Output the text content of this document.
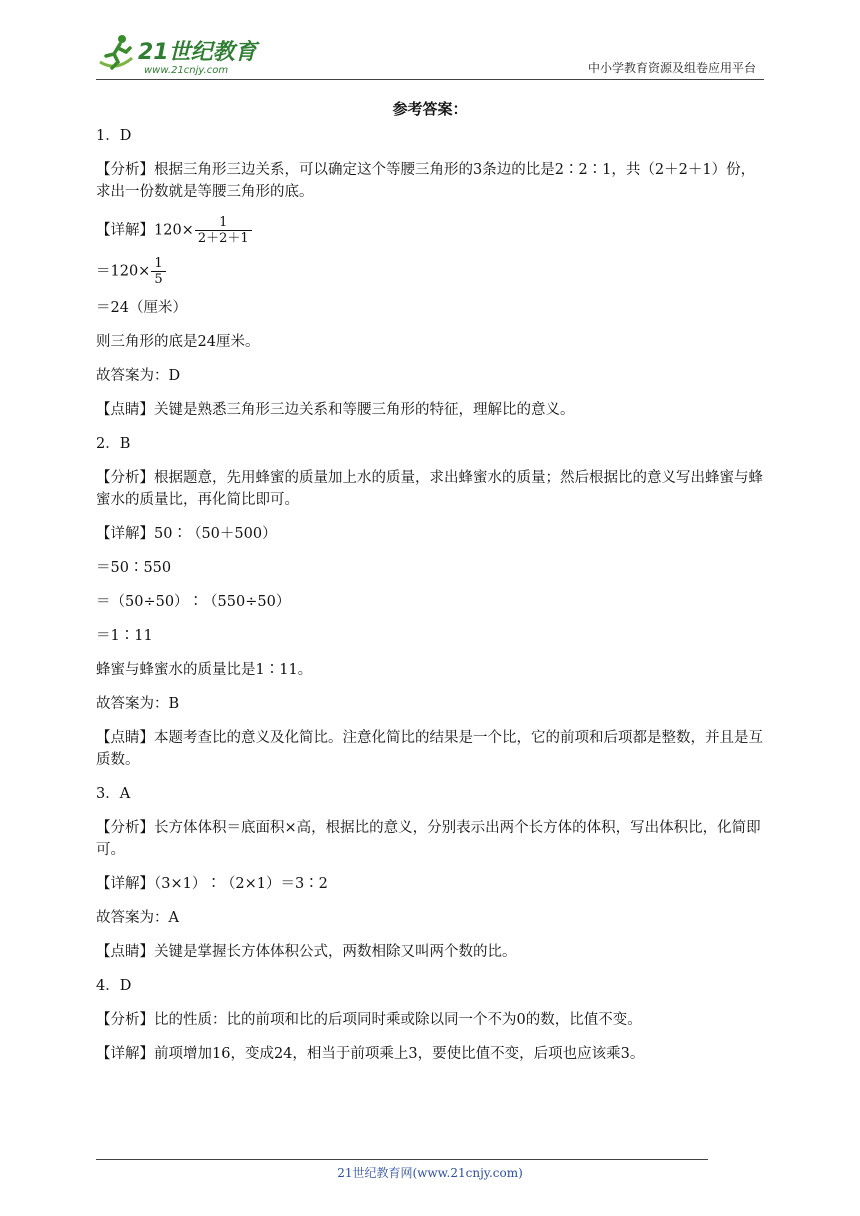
21世纪教育
www.21cnjy.com	中小学教育资源及组卷应用平台
参考答案：
1．D
【分析】根据三角形三边关系，可以确定这个等腰三角形的3条边的比是2∶2∶1，共（2＋2＋1）份，求出一份数就是等腰三角形的底。
【详解】$120\times \frac{1}{2+2+1}$
$=120\times \frac{1}{5}$
＝24（厘米）
则三角形的底是24厘米。
故答案为：D
【点睛】关键是熟悉三角形三边关系和等腰三角形的特征，理解比的意义。
2．B
【分析】根据题意，先用蜂蜜的质量加上水的质量，求出蜂蜜水的质量；然后根据比的意义写出蜂蜜与蜂蜜水的质量比，再化简比即可。
【详解】50∶（50＋500）
＝50∶550
＝（50÷50）∶（550÷50）
＝1∶11
蜂蜜与蜂蜜水的质量比是1∶11。
故答案为：B
【点睛】本题考查比的意义及化简比。注意化简比的结果是一个比，它的前项和后项都是整数，并且是互质数。
3．A
【分析】长方体体积＝底面积×高，根据比的意义，分别表示出两个长方体的体积，写出体积比，化简即可。
【详解】（3×1）∶（2×1）＝3∶2
故答案为：A
【点睛】关键是掌握长方体体积公式，两数相除又叫两个数的比。
4．D
【分析】比的性质：比的前项和比的后项同时乘或除以同一个不为0的数，比值不变。
【详解】前项增加16，变成24，相当于前项乘上3，要使比值不变，后项也应该乘3。
21世纪教育网(www.21cnjy.com)
